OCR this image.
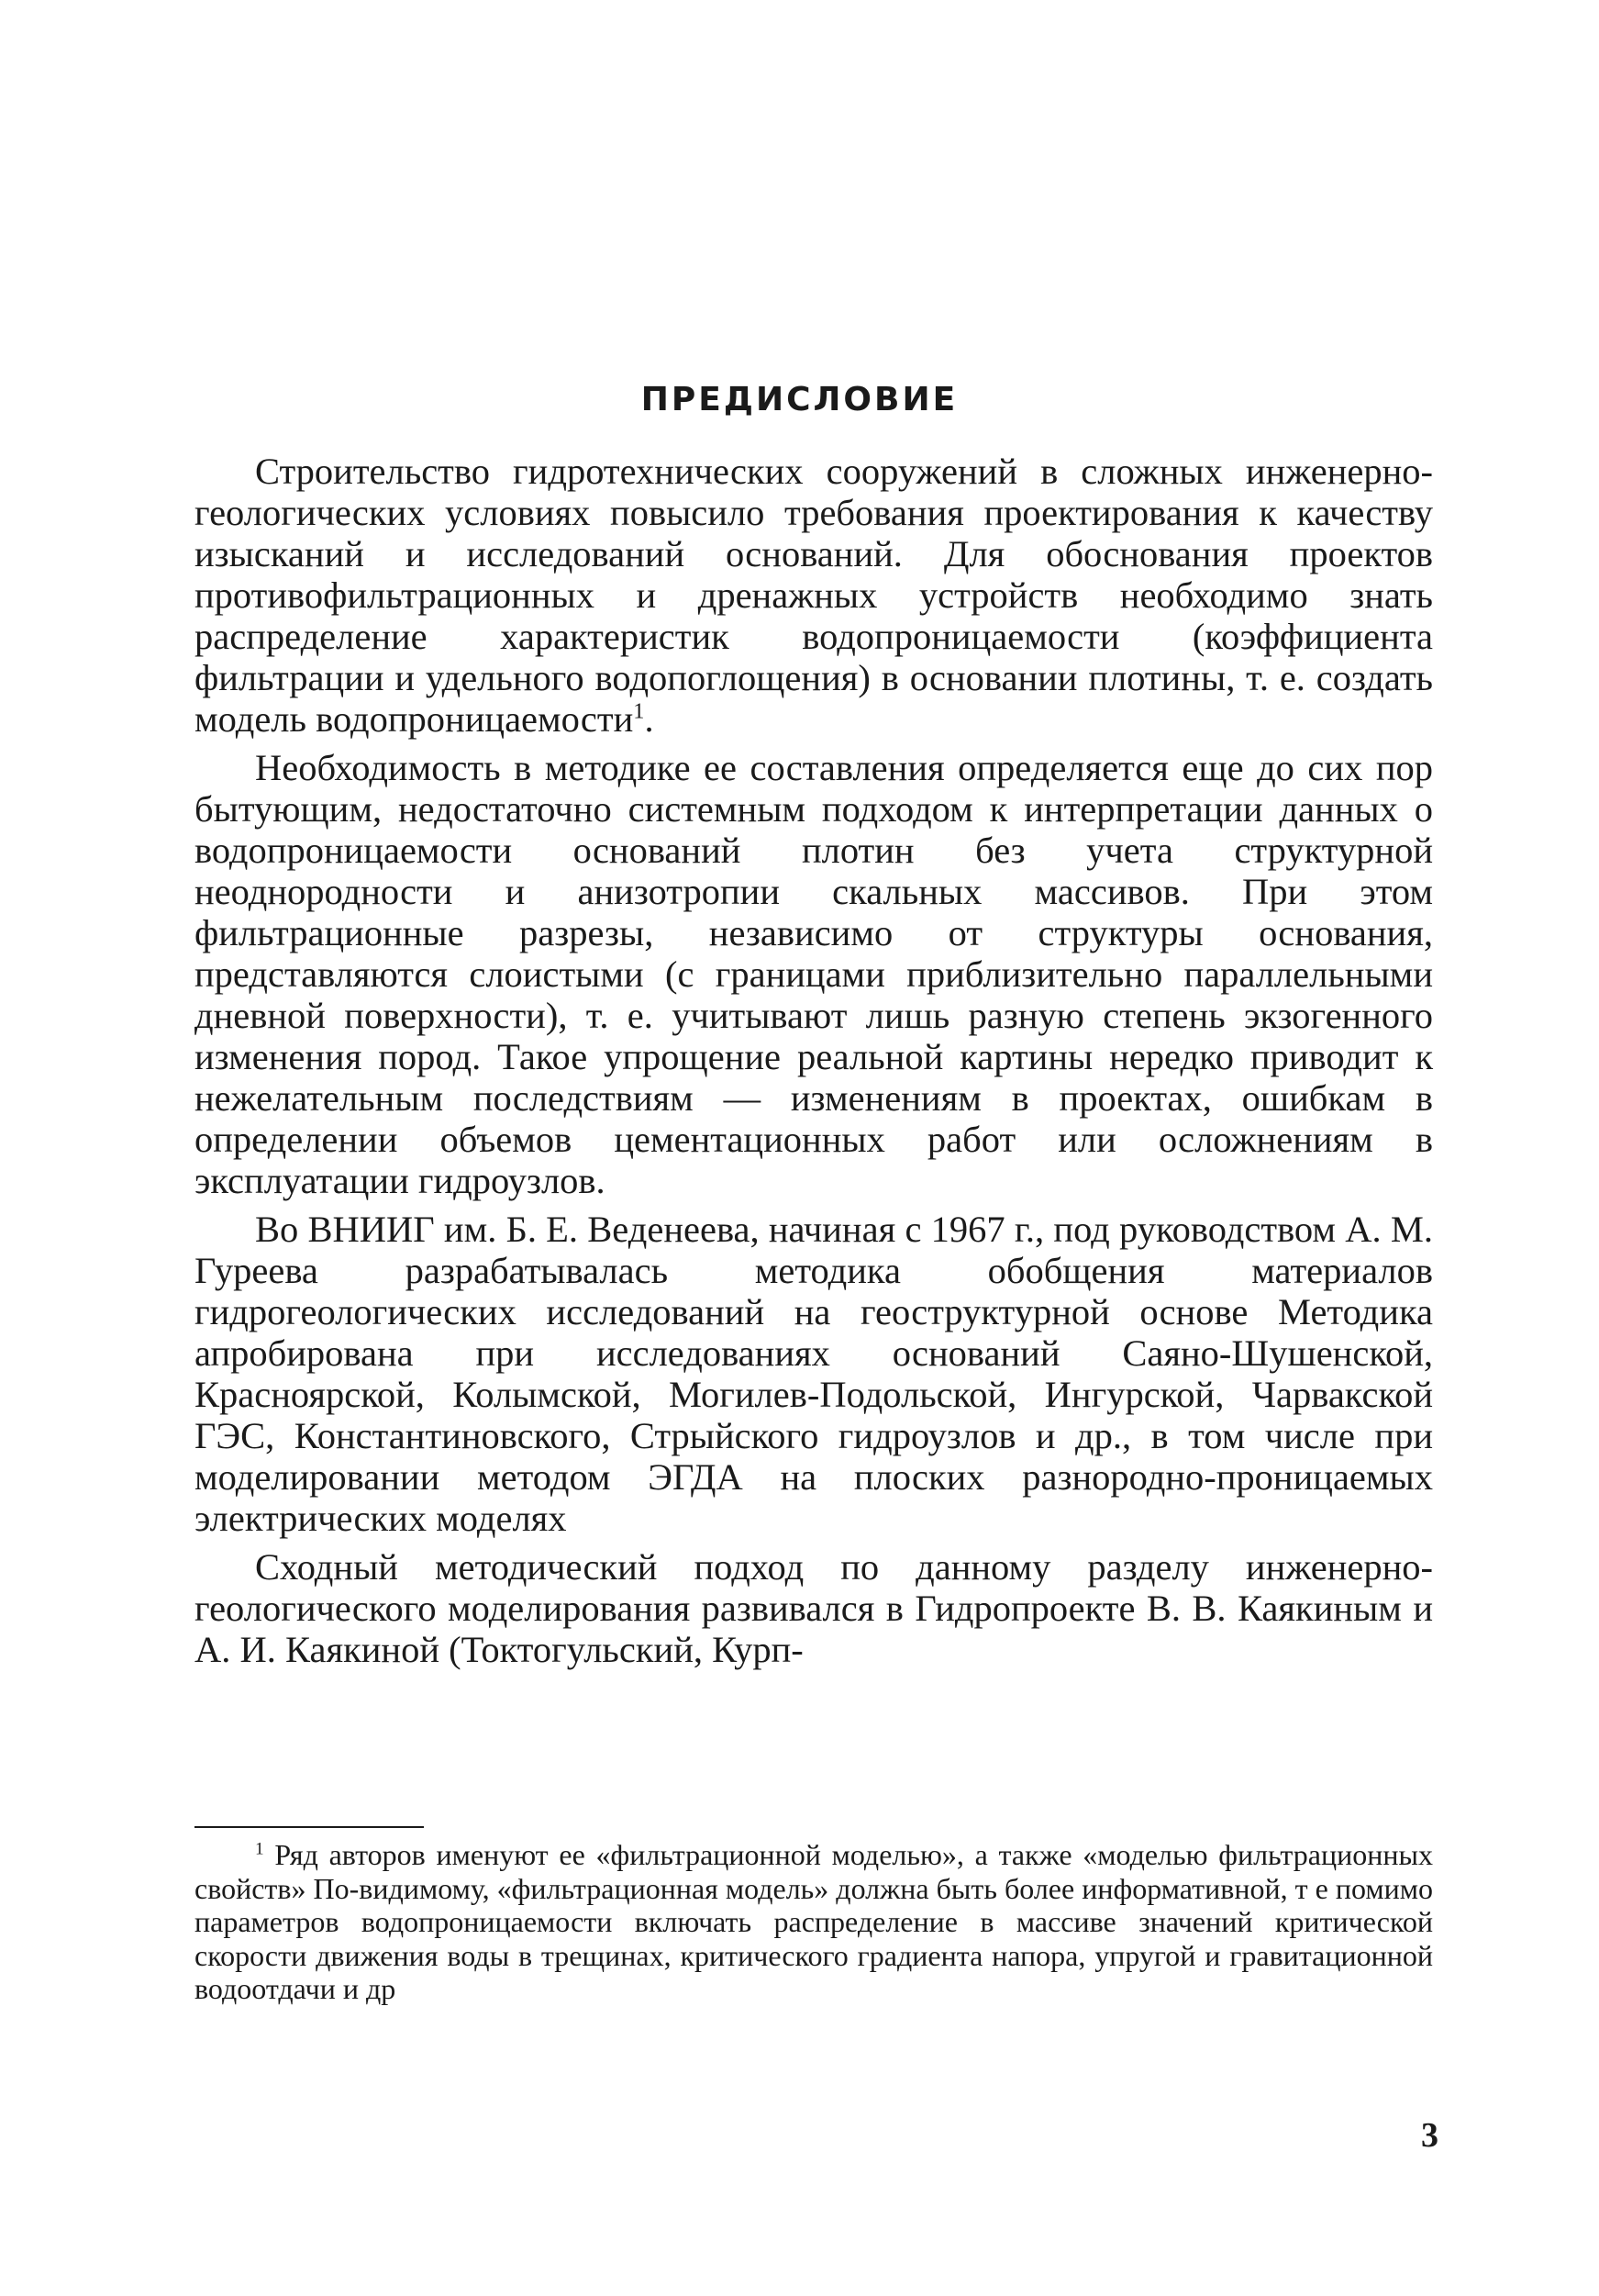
ПРЕДИСЛОВИЕ

Строительство гидротехнических сооружений в сложных инженерно-геологических условиях повысило требования проектирования к качеству изысканий и исследований оснований. Для обоснования проектов противофильтрационных и дренажных устройств необходимо знать распределение характеристик водопроницаемости (коэффициента фильтрации и удельного водопоглощения) в основании плотины, т. е. создать модель водопроницаемости$^1$.

Необходимость в методике ее составления определяется еще до сих пор бытующим, недостаточно системным подходом к интерпретации данных о водопроницаемости оснований плотин без учета структурной неоднородности и анизотропии скальных массивов. При этом фильтрационные разрезы, независимо от структуры основания, представляются слоистыми (с границами приблизительно параллельными дневной поверхности), т. е. учитывают лишь разную степень экзогенного изменения пород. Такое упрощение реальной картины нередко приводит к нежелательным последствиям — изменениям в проектах, ошибкам в определении объемов цементационных работ или осложнениям в эксплуатации гидроузлов.

Во ВНИИГ им. Б. Е. Веденеева, начиная с 1967 г., под руководством А. М. Гуреева разрабатывалась методика обобщения материалов гидрогеологических исследований на геоструктурной основе Методика апробирована при исследованиях оснований Саяно-Шушенской, Красноярской, Колымской, Могилев-Подольской, Ингурской, Чарвакской ГЭС, Константиновского, Стрыйского гидроузлов и др., в том числе при моделировании методом ЭГДА на плоских разнородно-проницаемых электрических моделях

Сходный методический подход по данному разделу инженерно-геологического моделирования развивался в Гидропроекте В. В. Каякиным и А. И. Каякиной (Токтогульский, Курп-

$^1$ Ряд авторов именуют ее «фильтрационной моделью», а также «моделью фильтрационных свойств» По-видимому, «фильтрационная модель» должна быть более информативной, т е помимо параметров водопроницаемости включать распределение в массиве значений критической скорости движения воды в трещинах, критического градиента напора, упругой и гравитационной водоотдачи и др

3
